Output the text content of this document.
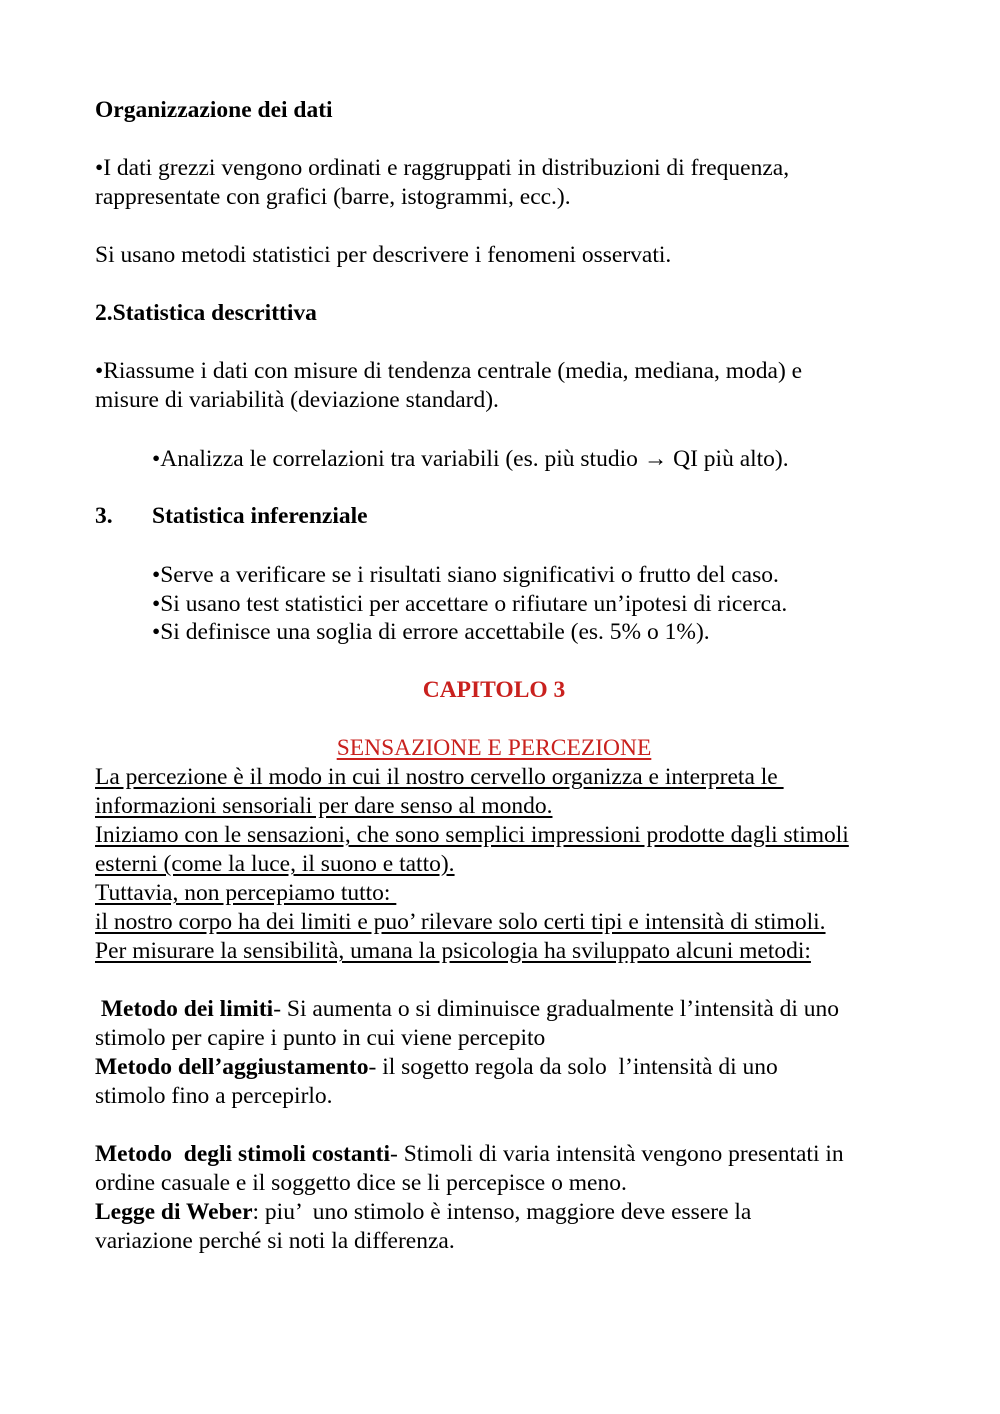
Organizzazione dei dati
•I dati grezzi vengono ordinati e raggruppati in distribuzioni di frequenza,
rappresentate con grafici (barre, istogrammi, ecc.).
Si usano metodi statistici per descrivere i fenomeni osservati.
2.Statistica descrittiva
•Riassume i dati con misure di tendenza centrale (media, mediana, moda) e
misure di variabilità (deviazione standard).
•Analizza le correlazioni tra variabili (es. più studio → QI più alto).
3. Statistica inferenziale
•Serve a verificare se i risultati siano significativi o frutto del caso.
•Si usano test statistici per accettare o rifiutare un’ipotesi di ricerca.
•Si definisce una soglia di errore accettabile (es. 5% o 1%).
CAPITOLO 3
SENSAZIONE E PERCEZIONE
La percezione è il modo in cui il nostro cervello organizza e interpreta le
informazioni sensoriali per dare senso al mondo.
Iniziamo con le sensazioni, che sono semplici impressioni prodotte dagli stimoli
esterni (come la luce, il suono e tatto).
Tuttavia, non percepiamo tutto:
il nostro corpo ha dei limiti e puo’ rilevare solo certi tipi e intensità di stimoli.
Per misurare la sensibilità, umana la psicologia ha sviluppato alcuni metodi:
Metodo dei limiti- Si aumenta o si diminuisce gradualmente l’intensità di uno
stimolo per capire i punto in cui viene percepito
Metodo dell’aggiustamento- il sogetto regola da solo  l’intensità di uno
stimolo fino a percepirlo.
Metodo  degli stimoli costanti- Stimoli di varia intensità vengono presentati in
ordine casuale e il soggetto dice se li percepisce o meno.
Legge di Weber: piu’  uno stimolo è intenso, maggiore deve essere la
variazione perché si noti la differenza.
